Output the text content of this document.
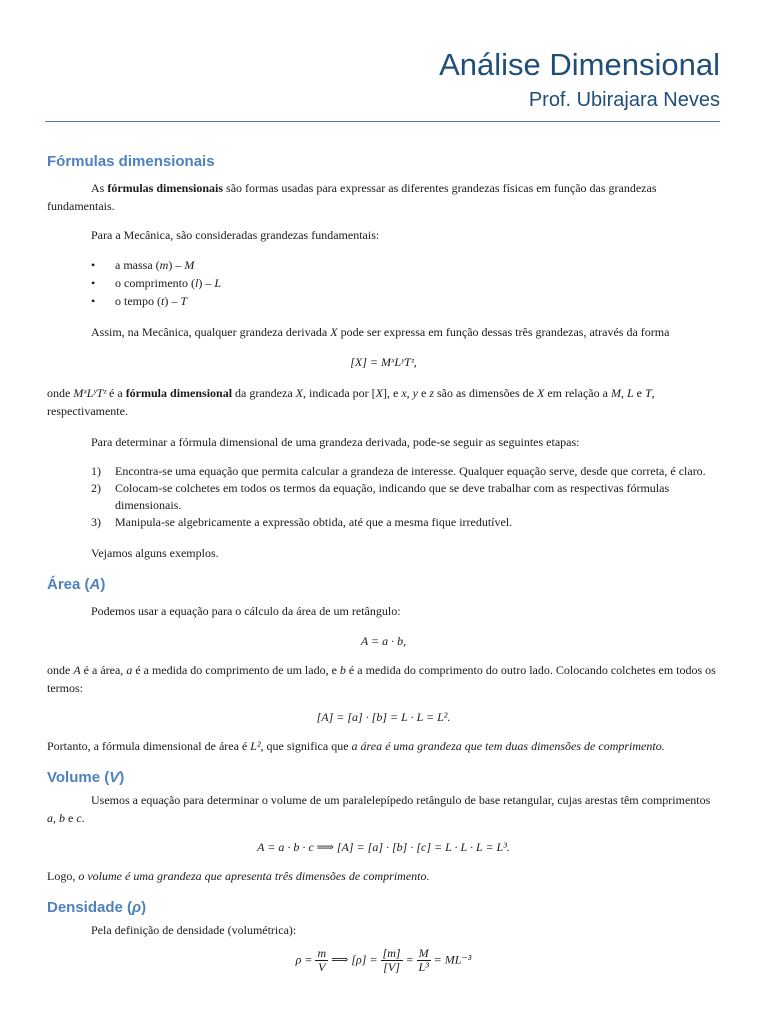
Análise Dimensional
Prof. Ubirajara Neves
Fórmulas dimensionais

As fórmulas dimensionais são formas usadas para expressar as diferentes grandezas físicas em função das grandezas fundamentais.

Para a Mecânica, são consideradas grandezas fundamentais:

• a massa (m) – M
• o comprimento (l) – L
• o tempo (t) – T

Assim, na Mecânica, qualquer grandeza derivada X pode ser expressa em função dessas três grandezas, através da forma

[X] = MˣLʸTᶻ,

onde MˣLʸTᶻ é a fórmula dimensional da grandeza X, indicada por [X], e x, y e z são as dimensões de X em relação a M, L e T, respectivamente.

Para determinar a fórmula dimensional de uma grandeza derivada, pode-se seguir as seguintes etapas:

1) Encontra-se uma equação que permita calcular a grandeza de interesse. Qualquer equação serve, desde que correta, é claro.
2) Colocam-se colchetes em todos os termos da equação, indicando que se deve trabalhar com as respectivas fórmulas dimensionais.
3) Manipula-se algebricamente a expressão obtida, até que a mesma fique irredutível.

Vejamos alguns exemplos.

Área (A)

Podemos usar a equação para o cálculo da área de um retângulo:

A = a · b,

onde A é a área, a é a medida do comprimento de um lado, e b é a medida do comprimento do outro lado. Colocando colchetes em todos os termos:

[A] = [a] · [b] = L · L = L².

Portanto, a fórmula dimensional de área é L², que significa que a área é uma grandeza que tem duas dimensões de comprimento.

Volume (V)

Usemos a equação para determinar o volume de um paralelepípedo retângulo de base retangular, cujas arestas têm comprimentos a, b e c.

A = a · b · c ⟹ [A] = [a] · [b] · [c] = L · L · L = L³.

Logo, o volume é uma grandeza que apresenta três dimensões de comprimento.

Densidade (ρ)

Pela definição de densidade (volumétrica):

$\rho = \frac{m}{V}$ ⟹ $[\rho] = \frac{[m]}{[V]} = \frac{M}{\text{L³}} = ML^{-3}$
